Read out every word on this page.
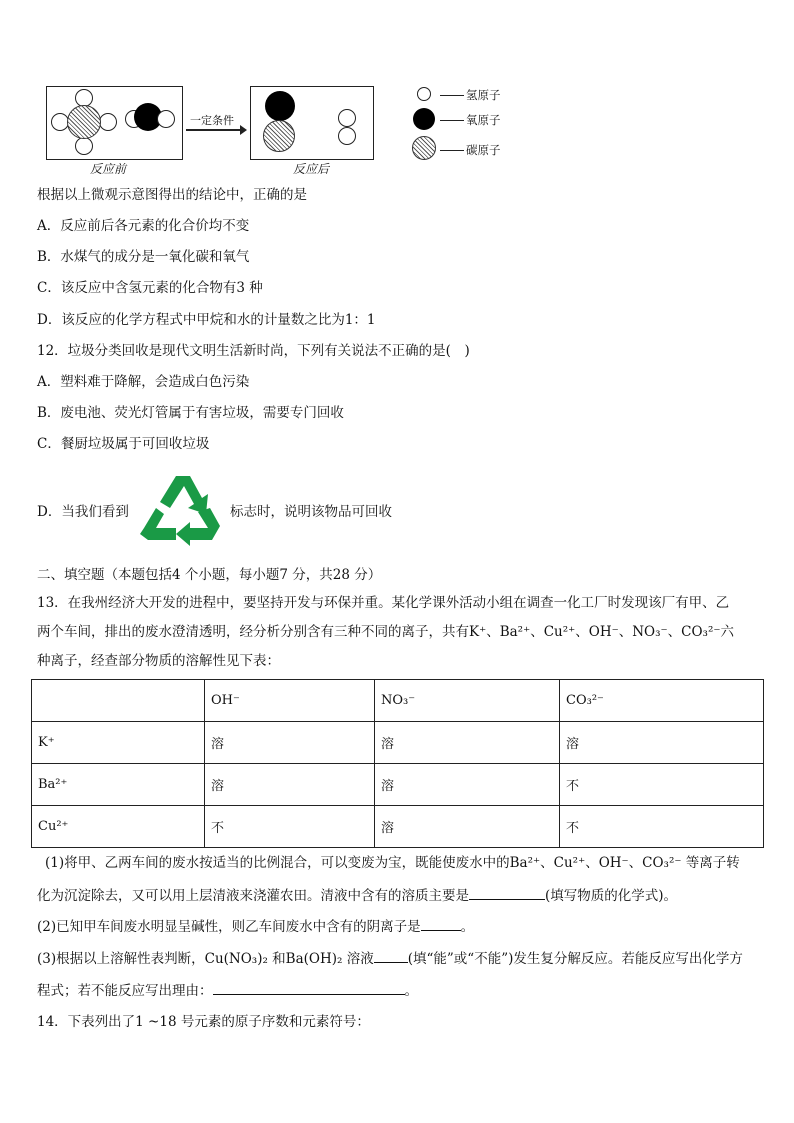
反应前
一定条件
反应后
氢原子
氧原子
碳原子
根据以上微观示意图得出的结论中，正确的是
A．反应前后各元素的化合价均不变
B．水煤气的成分是一氧化碳和氧气
C．该反应中含氢元素的化合物有3 种
D．该反应的化学方程式中甲烷和水的计量数之比为1：1
12．垃圾分类回收是现代文明生活新时尚，下列有关说法不正确的是(　)
A．塑料难于降解，会造成白色污染
B．废电池、荧光灯管属于有害垃圾，需要专门回收
C．餐厨垃圾属于可回收垃圾
D．当我们看到	标志时，说明该物品可回收
二、填空题（本题包括4 个小题，每小题7 分，共28 分）
13．在我州经济大开发的进程中，要坚持开发与环保并重。某化学课外活动小组在调查一化工厂时发现该厂有甲、乙
两个车间，排出的废水澄清透明，经分析分别含有三种不同的离子，共有K⁺、Ba²⁺、Cu²⁺、OH⁻、NO₃⁻、CO₃²⁻六
种离子，经查部分物质的溶解性见下表：
	OH⁻	NO₃⁻	CO₃²⁻
K⁺	溶	溶	溶
Ba²⁺	溶	溶	不
Cu²⁺	不	溶	不
(1)将甲、乙两车间的废水按适当的比例混合，可以变废为宝，既能使废水中的Ba²⁺、Cu²⁺、OH⁻、CO₃²⁻ 等离子转
化为沉淀除去，又可以用上层清液来浇灌农田。清液中含有的溶质主要是	(填写物质的化学式)。
(2)已知甲车间废水明显呈碱性，则乙车间废水中含有的阴离子是	。
(3)根据以上溶解性表判断，Cu(NO₃)₂ 和Ba(OH)₂ 溶液	(填“能”或“不能”)发生复分解反应。若能反应写出化学方
程式；若不能反应写出理由：	。
14．下表列出了1 ~18 号元素的原子序数和元素符号：
